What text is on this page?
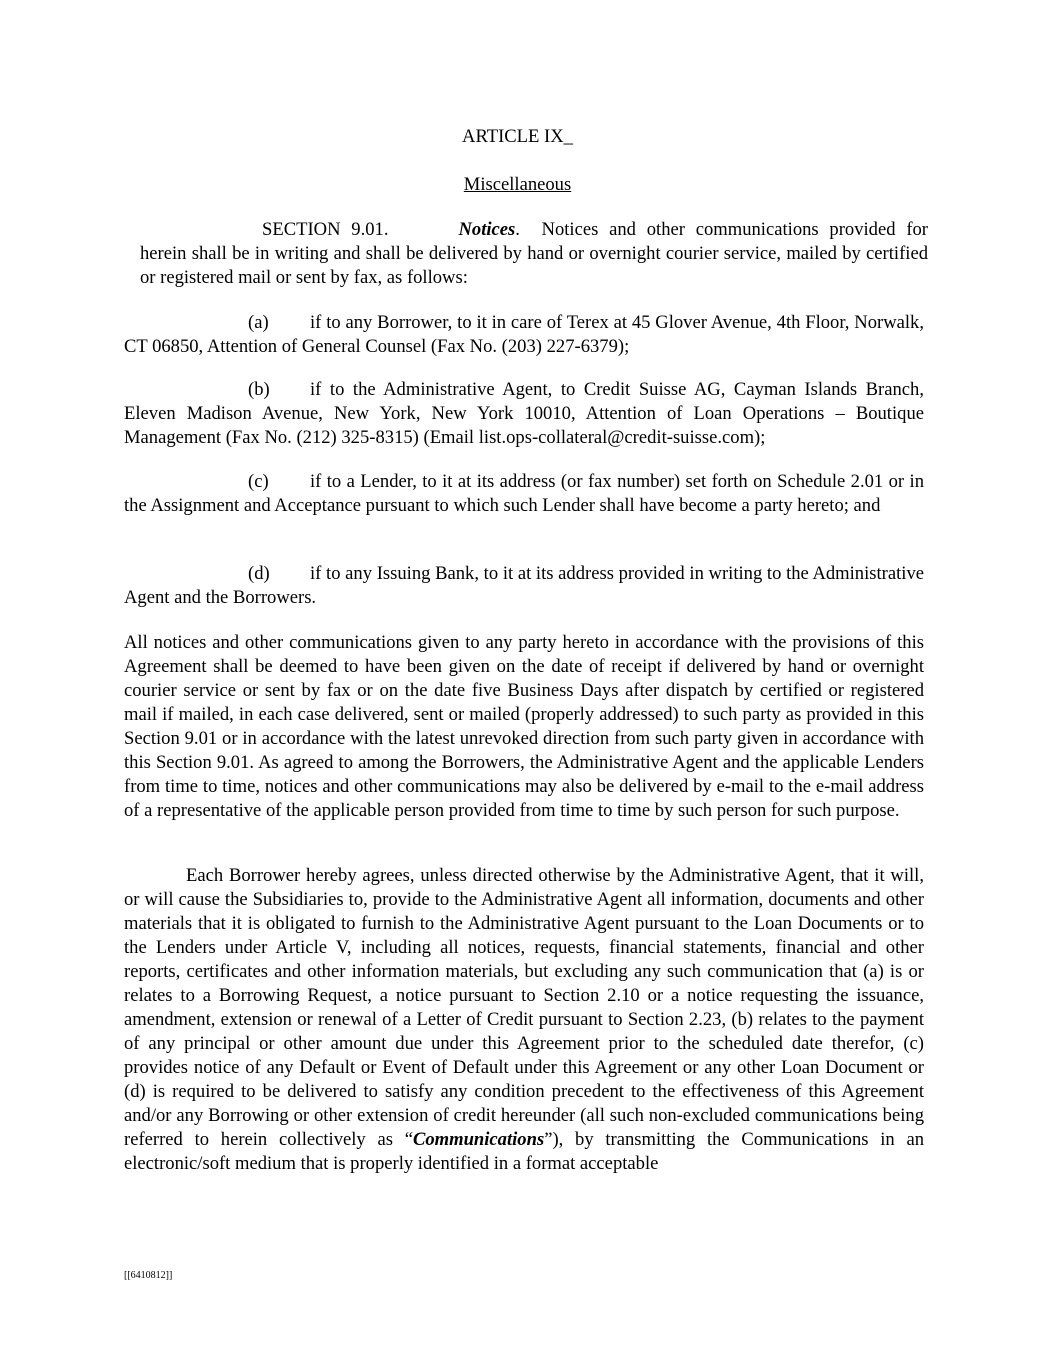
ARTICLE IX_
Miscellaneous
SECTION 9.01.	Notices. Notices and other communications provided for herein shall be in writing and shall be delivered by hand or overnight courier service, mailed by certified or registered mail or sent by fax, as follows:
(a) if to any Borrower, to it in care of Terex at 45 Glover Avenue, 4th Floor, Norwalk, CT 06850, Attention of General Counsel (Fax No. (203) 227-6379);
(b) if to the Administrative Agent, to Credit Suisse AG, Cayman Islands Branch, Eleven Madison Avenue, New York, New York 10010, Attention of Loan Operations – Boutique Management (Fax No. (212) 325-8315) (Email list.ops-collateral@credit-suisse.com);
(c) if to a Lender, to it at its address (or fax number) set forth on Schedule 2.01 or in the Assignment and Acceptance pursuant to which such Lender shall have become a party hereto; and
(d) if to any Issuing Bank, to it at its address provided in writing to the Administrative Agent and the Borrowers.
All notices and other communications given to any party hereto in accordance with the provisions of this Agreement shall be deemed to have been given on the date of receipt if delivered by hand or overnight courier service or sent by fax or on the date five Business Days after dispatch by certified or registered mail if mailed, in each case delivered, sent or mailed (properly addressed) to such party as provided in this Section 9.01 or in accordance with the latest unrevoked direction from such party given in accordance with this Section 9.01. As agreed to among the Borrowers, the Administrative Agent and the applicable Lenders from time to time, notices and other communications may also be delivered by e-mail to the e-mail address of a representative of the applicable person provided from time to time by such person for such purpose.
Each Borrower hereby agrees, unless directed otherwise by the Administrative Agent, that it will, or will cause the Subsidiaries to, provide to the Administrative Agent all information, documents and other materials that it is obligated to furnish to the Administrative Agent pursuant to the Loan Documents or to the Lenders under Article V, including all notices, requests, financial statements, financial and other reports, certificates and other information materials, but excluding any such communication that (a) is or relates to a Borrowing Request, a notice pursuant to Section 2.10 or a notice requesting the issuance, amendment, extension or renewal of a Letter of Credit pursuant to Section 2.23, (b) relates to the payment of any principal or other amount due under this Agreement prior to the scheduled date therefor, (c) provides notice of any Default or Event of Default under this Agreement or any other Loan Document or (d) is required to be delivered to satisfy any condition precedent to the effectiveness of this Agreement and/or any Borrowing or other extension of credit hereunder (all such non-excluded communications being referred to herein collectively as “Communications”), by transmitting the Communications in an electronic/soft medium that is properly identified in a format acceptable
[[6410812]]
